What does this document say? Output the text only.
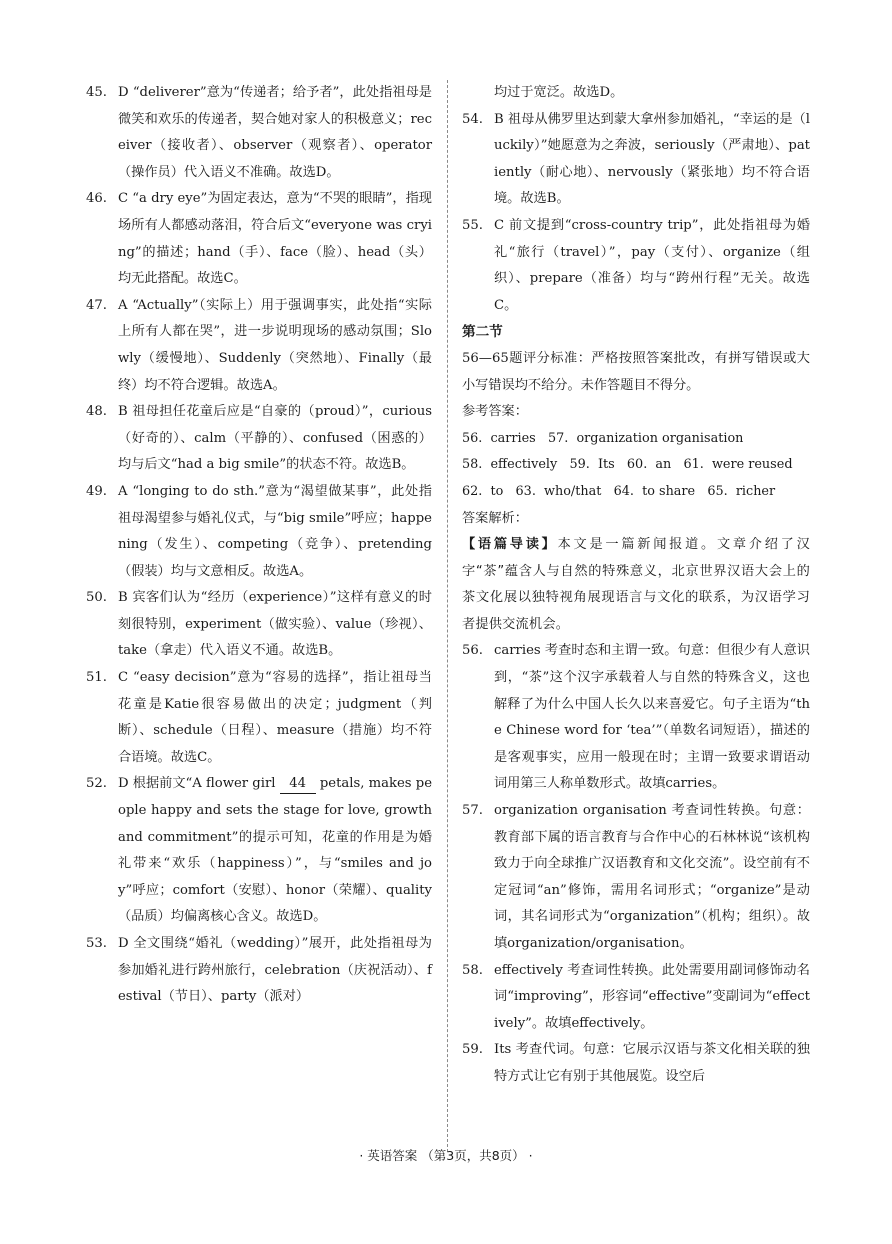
45. D “deliverer”意为“传递者；给予者”，此处指祖母是微笑和欢乐的传递者，契合她对家人的积极意义；receiver（接收者）、observer（观察者）、operator（操作员）代入语义不准确。故选D。
46. C “a dry eye”为固定表达，意为“不哭的眼睛”，指现场所有人都感动落泪，符合后文“everyone was crying”的描述；hand（手）、face（脸）、head（头）均无此搭配。故选C。
47. A “Actually”（实际上）用于强调事实，此处指“实际上所有人都在哭”，进一步说明现场的感动氛围；Slowly（缓慢地）、Suddenly（突然地）、Finally（最终）均不符合逻辑。故选A。
48. B 祖母担任花童后应是“自豪的（proud）”，curious（好奇的）、calm（平静的）、confused（困惑的）均与后文“had a big smile”的状态不符。故选B。
49. A “longing to do sth.”意为“渴望做某事”，此处指祖母渴望参与婚礼仪式，与“big smile”呼应；happening（发生）、competing（竞争）、pretending（假装）均与文意相反。故选A。
50. B 宾客们认为“经历（experience）”这样有意义的时刻很特别，experiment（做实验）、value（珍视）、take（拿走）代入语义不通。故选B。
51. C “easy decision”意为“容易的选择”，指让祖母当花童是Katie很容易做出的决定；judgment（判断）、schedule（日程）、measure（措施）均不符合语境。故选C。
52. D 根据前文“A flower girl 44 petals, makes people happy and sets the stage for love, growth and commitment”的提示可知，花童的作用是为婚礼带来“欢乐（happiness）”，与“smiles and joy”呼应；comfort（安慰）、honor（荣耀）、quality（品质）均偏离核心含义。故选D。
53. D 全文围绕“婚礼（wedding）”展开，此处指祖母为参加婚礼进行跨州旅行，celebration（庆祝活动）、festival（节日）、party（派对）
均过于宽泛。故选D。
54. B 祖母从佛罗里达到蒙大拿州参加婚礼，“幸运的是（luckily）”她愿意为之奔波，seriously（严肃地）、patiently（耐心地）、nervously（紧张地）均不符合语境。故选B。
55. C 前文提到“cross-country trip”，此处指祖母为婚礼“旅行（travel）”，pay（支付）、organize（组织）、prepare（准备）均与“跨州行程”无关。故选C。
第二节
56—65题评分标准：严格按照答案批改，有拼写错误或大小写错误均不给分。未作答题目不得分。
参考答案：
56.  carries   57.  organization organisation
58.  effectively   59.  Its   60.  an   61.  were reused
62.  to   63.  who/that   64.  to share   65.  richer
答案解析：
【语篇导读】本文是一篇新闻报道。文章介绍了汉字“茶”蕴含人与自然的特殊意义，北京世界汉语大会上的茶文化展以独特视角展现语言与文化的联系，为汉语学习者提供交流机会。
56. carries 考查时态和主谓一致。句意：但很少有人意识到，“茶”这个汉字承载着人与自然的特殊含义，这也解释了为什么中国人长久以来喜爱它。句子主语为“the Chinese word for ‘tea’”（单数名词短语），描述的是客观事实，应用一般现在时；主谓一致要求谓语动词用第三人称单数形式。故填carries。
57. organization organisation 考查词性转换。句意：教育部下属的语言教育与合作中心的石林林说“该机构致力于向全球推广汉语教育和文化交流”。设空前有不定冠词“an”修饰，需用名词形式；“organize”是动词，其名词形式为“organization”（机构；组织）。故填organization/organisation。
58. effectively 考查词性转换。此处需要用副词修饰动名词“improving”，形容词“effective”变副词为“effectively”。故填effectively。
59. Its 考查代词。句意：它展示汉语与茶文化相关联的独特方式让它有别于其他展览。设空后
· 英语答案 （第3页，共8页） ·
